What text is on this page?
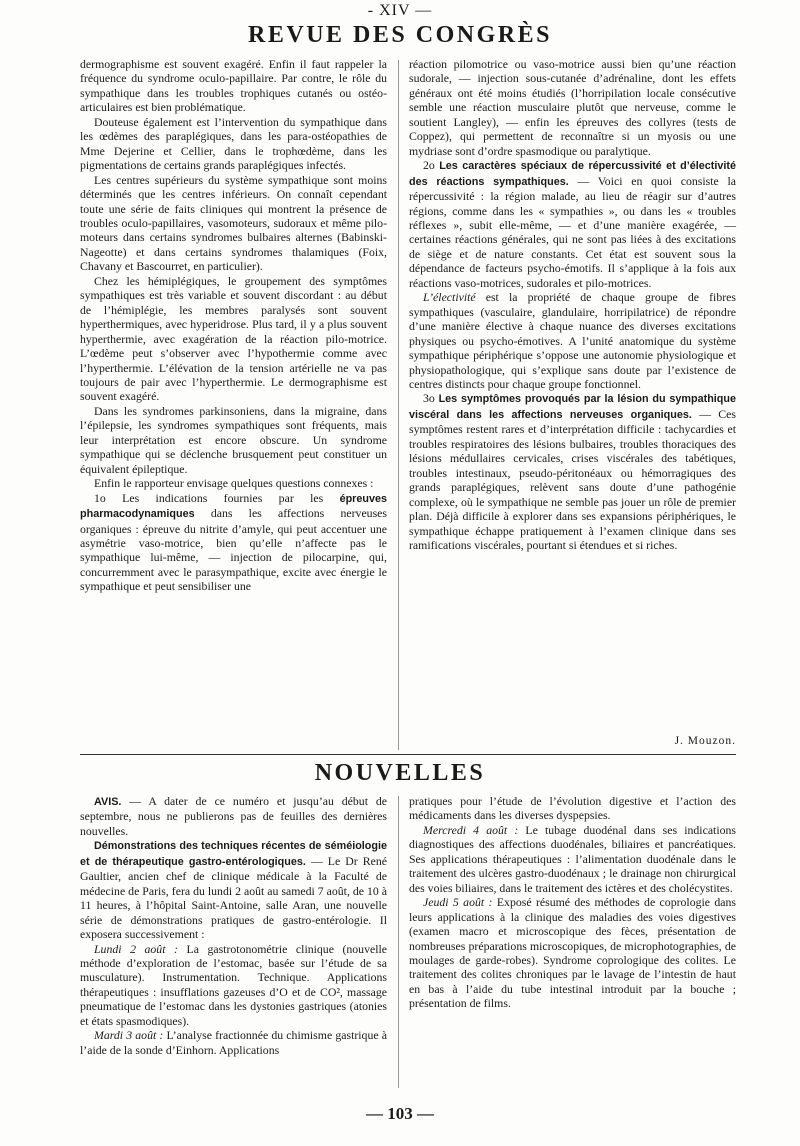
- XIV —
REVUE DES CONGRÈS

dermographisme est souvent exagéré. Enfin il faut rappeler la fréquence du syndrome oculo-papillaire. Par contre, le rôle du sympathique dans les troubles trophiques cutanés ou ostéo-articulaires est bien problématique.

Douteuse également est l’intervention du sympathique dans les œdèmes des paraplégiques, dans les para-ostéopathies de Mme Dejerine et Cellier, dans le trophœdème, dans les pigmentations de certains grands paraplégiques infectés.

Les centres supérieurs du système sympathique sont moins déterminés que les centres inférieurs. On connaît cependant toute une série de faits cliniques qui montrent la présence de troubles oculo-papillaires, vasomoteurs, sudoraux et même pilo-moteurs dans certains syndromes bulbaires alternes (Babinski-Nageotte) et dans certains syndromes thalamiques (Foix, Chavany et Bascourret, en particulier).

Chez les hémiplégiques, le groupement des symptômes sympathiques est très variable et souvent discordant : au début de l’hémiplégie, les membres paralysés sont souvent hyperthermiques, avec hyperidrose. Plus tard, il y a plus souvent hyperthermie, avec exagération de la réaction pilo-motrice. L’œdème peut s’observer avec l’hypothermie comme avec l’hyperthermie. L’élévation de la tension artérielle ne va pas toujours de pair avec l’hyperthermie. Le dermographisme est souvent exagéré.

Dans les syndromes parkinsoniens, dans la migraine, dans l’épilepsie, les syndromes sympathiques sont fréquents, mais leur interprétation est encore obscure. Un syndrome sympathique qui se déclenche brusquement peut constituer un équivalent épileptique.

Enfin le rapporteur envisage quelques questions connexes :

1o Les indications fournies par les épreuves pharmacodynamiques dans les affections nerveuses organiques : épreuve du nitrite d’amyle, qui peut accentuer une asymétrie vaso-motrice, bien qu’elle n’affecte pas le sympathique lui-même, — injection de pilocarpine, qui, concurremment avec le parasympathique, excite avec énergie le sympathique et peut sensibiliser une

réaction pilomotrice ou vaso-motrice aussi bien qu’une réaction sudorale, — injection sous-cutanée d’adrénaline, dont les effets généraux ont été moins étudiés (l’horripilation locale consécutive semble une réaction musculaire plutôt que nerveuse, comme le soutient Langley), — enfin les épreuves des collyres (tests de Coppez), qui permettent de reconnaître si un myosis ou une mydriase sont d’ordre spasmodique ou paralytique.

2o Les caractères spéciaux de répercussivité et d’électivité des réactions sympathiques. — Voici en quoi consiste la répercussivité : la région malade, au lieu de réagir sur d’autres régions, comme dans les « sympathies », ou dans les « troubles réflexes », subit elle-même, — et d’une manière exagérée, — certaines réactions générales, qui ne sont pas liées à des excitations de siège et de nature constants. Cet état est souvent sous la dépendance de facteurs psycho-émotifs. Il s’applique à la fois aux réactions vaso-motrices, sudorales et pilo-motrices.

L’électivité est la propriété de chaque groupe de fibres sympathiques (vasculaire, glandulaire, horripilatrice) de répondre d’une manière élective à chaque nuance des diverses excitations physiques ou psycho-émotives. A l’unité anatomique du système sympathique périphérique s’oppose une autonomie physiologique et physiopathologique, qui s’explique sans doute par l’existence de centres distincts pour chaque groupe fonctionnel.

3o Les symptômes provoqués par la lésion du sympathique viscéral dans les affections nerveuses organiques. — Ces symptômes restent rares et d’interprétation difficile : tachycardies et troubles respiratoires des lésions bulbaires, troubles thoraciques des lésions médullaires cervicales, crises viscérales des tabétiques, troubles intestinaux, pseudo-péritonéaux ou hémorragiques des grands paraplégiques, relèvent sans doute d’une pathogénie complexe, où le sympathique ne semble pas jouer un rôle de premier plan. Déjà difficile à explorer dans ses expansions périphériques, le sympathique échappe pratiquement à l’examen clinique dans ses ramifications viscérales, pourtant si étendues et si riches.

J. Mouzon.
NOUVELLES

AVIS. — A dater de ce numéro et jusqu’au début de septembre, nous ne publierons pas de feuilles des dernières nouvelles.

Démonstrations des techniques récentes de séméiologie et de thérapeutique gastro-entérologiques. — Le Dr René Gaultier, ancien chef de clinique médicale à la Faculté de médecine de Paris, fera du lundi 2 août au samedi 7 août, de 10 à 11 heures, à l’hôpital Saint-Antoine, salle Aran, une nouvelle série de démonstrations pratiques de gastro-entérologie. Il exposera successivement :

Lundi 2 août : La gastrotonométrie clinique (nouvelle méthode d’exploration de l’estomac, basée sur l’étude de sa musculature). Instrumentation. Technique. Applications thérapeutiques : insufflations gazeuses d’O et de CO², massage pneumatique de l’estomac dans les dystonies gastriques (atonies et états spasmodiques).

Mardi 3 août : L’analyse fractionnée du chimisme gastrique à l’aide de la sonde d’Einhorn. Applications

pratiques pour l’étude de l’évolution digestive et l’action des médicaments dans les diverses dyspepsies.

Mercredi 4 août : Le tubage duodénal dans ses indications diagnostiques des affections duodénales, biliaires et pancréatiques. Ses applications thérapeutiques : l’alimentation duodénale dans le traitement des ulcères gastro-duodénaux ; le drainage non chirurgical des voies biliaires, dans le traitement des ictères et des cholécystites.

Jeudi 5 août : Exposé résumé des méthodes de coprologie dans leurs applications à la clinique des maladies des voies digestives (examen macro et microscopique des fèces, présentation de nombreuses préparations microscopiques, de microphotographies, de moulages de garde-robes). Syndrome coprologique des colites. Le traitement des colites chroniques par le lavage de l’intestin de haut en bas à l’aide du tube intestinal introduit par la bouche ; présentation de films.

— 103 —
